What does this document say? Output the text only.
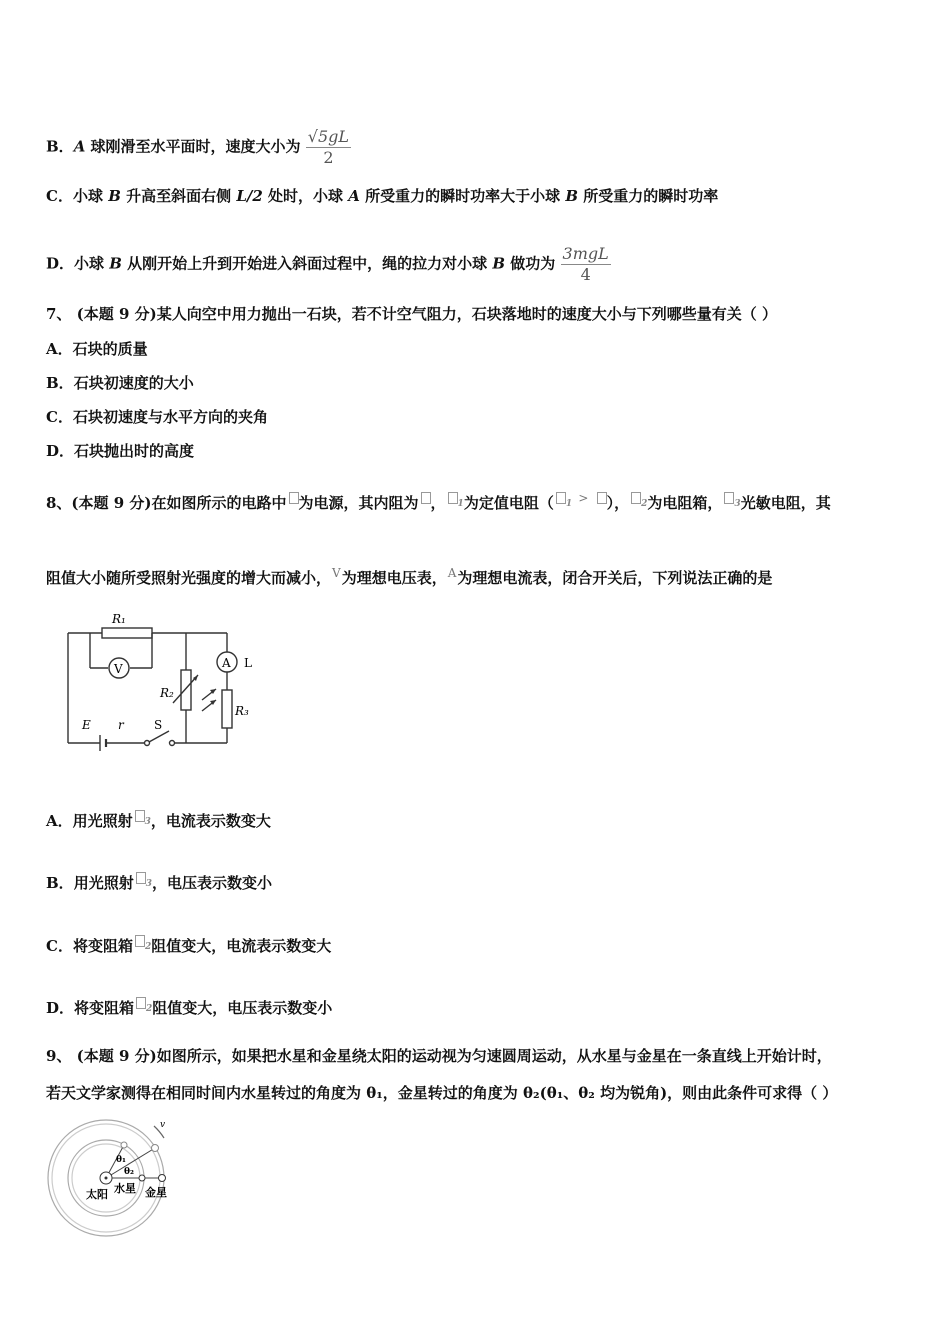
B．A 球刚滑至水平面时，速度大小为 $\frac{√5gL}{2}$
C．小球 B 升高至斜面右侧 L/2 处时，小球 A 所受重力的瞬时功率大于小球 B 所受重力的瞬时功率
D．小球 B 从刚开始上升到开始进入斜面过程中，绳的拉力对小球 B 做功为 $\frac{\text{3mgL}}{4}$
7、 (本题 9 分)某人向空中用力抛出一石块，若不计空气阻力，石块落地时的速度大小与下列哪些量有关（ ）
A．石块的质量
B．石块初速度的大小
C．石块初速度与水平方向的夹角
D．石块抛出时的高度
8、(本题 9 分)在如图所示的电路中 为电源，其内阻为 ， $^1$为定值电阻（ $^1$ > ）， $^2$为电阻箱， $^3$光敏电阻，其
阻值大小随所受照射光强度的增大而减小，V为理想电压表，A为理想电流表，闭合开关后，下列说法正确的是
R₁
V
R₂
A L
R₃
E r	S
A．用光照射 $^3$，电流表示数变大
B．用光照射 $^3$，电压表示数变小
C．将变阻箱 $^2$阻值变大，电流表示数变大
D．将变阻箱 $^2$阻值变大，电压表示数变小
9、 (本题 9 分)如图所示，如果把水星和金星绕太阳的运动视为匀速圆周运动，从水星与金星在一条直线上开始计时，
若天文学家测得在相同时间内水星转过的角度为 θ₁，金星转过的角度为 θ₂(θ₁、θ₂ 均为锐角)，则由此条件可求得（ ）
θ₁
θ₂
v
太阳 水星 金星
